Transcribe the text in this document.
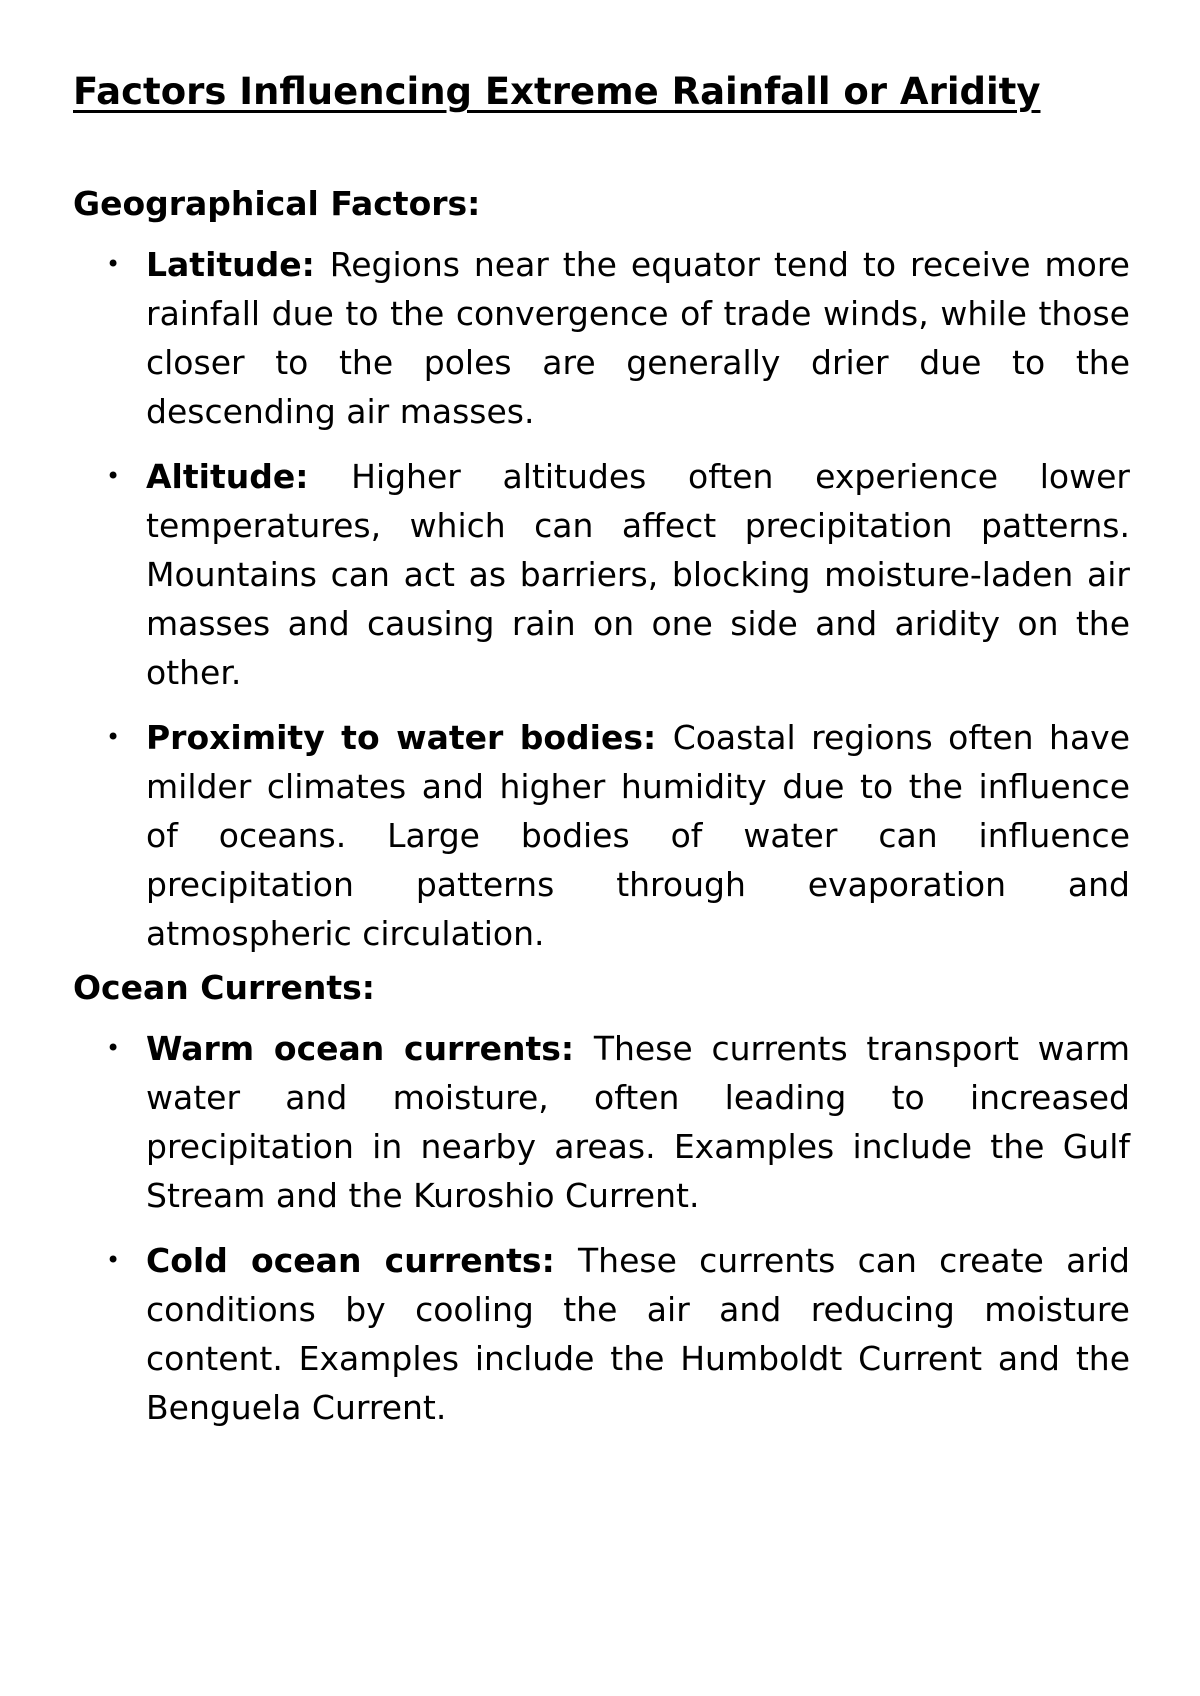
Factors Influencing Extreme Rainfall or Aridity
Geographical Factors:
• Latitude: Regions near the equator tend to receive more rainfall due to the convergence of trade winds, while those closer to the poles are generally drier due to the descending air masses.
• Altitude: Higher altitudes often experience lower temperatures, which can affect precipitation patterns. Mountains can act as barriers, blocking moisture-laden air masses and causing rain on one side and aridity on the other.
• Proximity to water bodies: Coastal regions often have milder climates and higher humidity due to the influence of oceans. Large bodies of water can influence precipitation patterns through evaporation and atmospheric circulation.
Ocean Currents:
• Warm ocean currents: These currents transport warm water and moisture, often leading to increased precipitation in nearby areas. Examples include the Gulf Stream and the Kuroshio Current.
• Cold ocean currents: These currents can create arid conditions by cooling the air and reducing moisture content. Examples include the Humboldt Current and the Benguela Current.
